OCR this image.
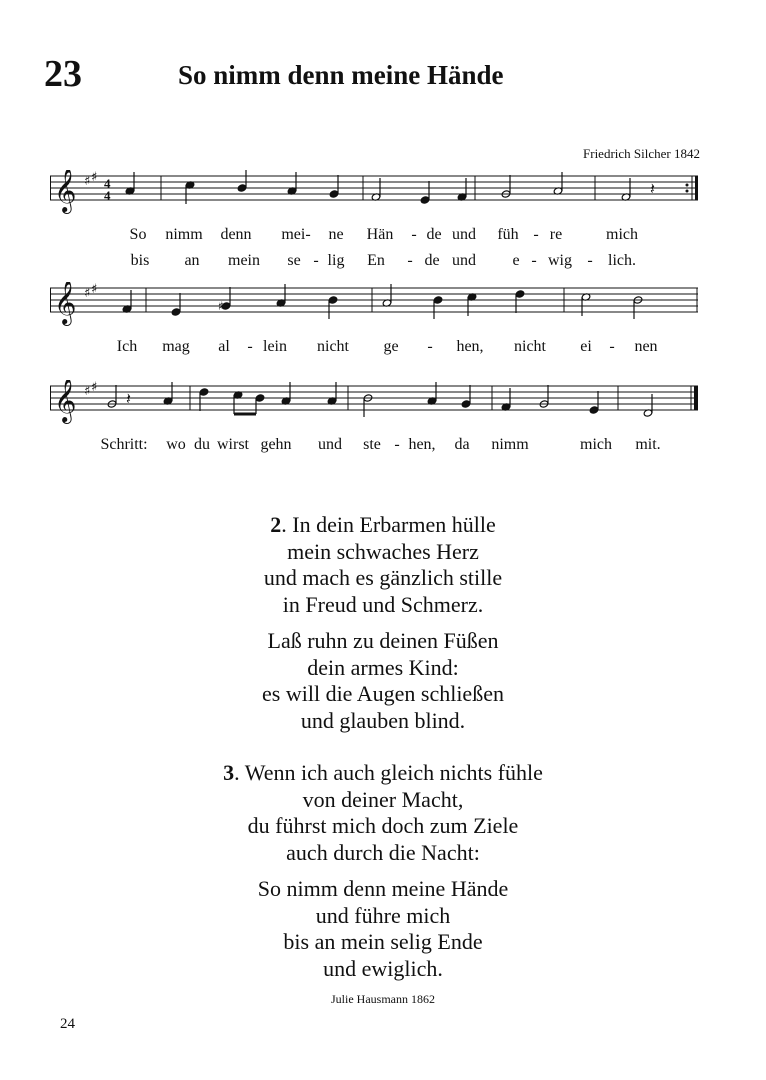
23	So nimm denn meine Hände
Friedrich Silcher 1842
𝄞 ♯ ♯ 4
4	𝄽
So nimm denn mei- ne Hän - de und füh - re	mich
bis an mein se - lig En - de und e - wig - lich.
𝄞 ♯ ♯
♯
Ich mag al - lein nicht ge - hen, nicht ei - nen
𝄞 ♯ ♯
𝄽
Schritt: wo du wirst gehn und ste - hen, da nimm	mich mit.
2. In dein Erbarmen hülle
mein schwaches Herz
und mach es gänzlich stille
in Freud und Schmerz.
Laß ruhn zu deinen Füßen
dein armes Kind:
es will die Augen schließen
und glauben blind.
3. Wenn ich auch gleich nichts fühle
von deiner Macht,
du führst mich doch zum Ziele
auch durch die Nacht:
So nimm denn meine Hände
und führe mich
bis an mein selig Ende
und ewiglich.
Julie Hausmann 1862
24
